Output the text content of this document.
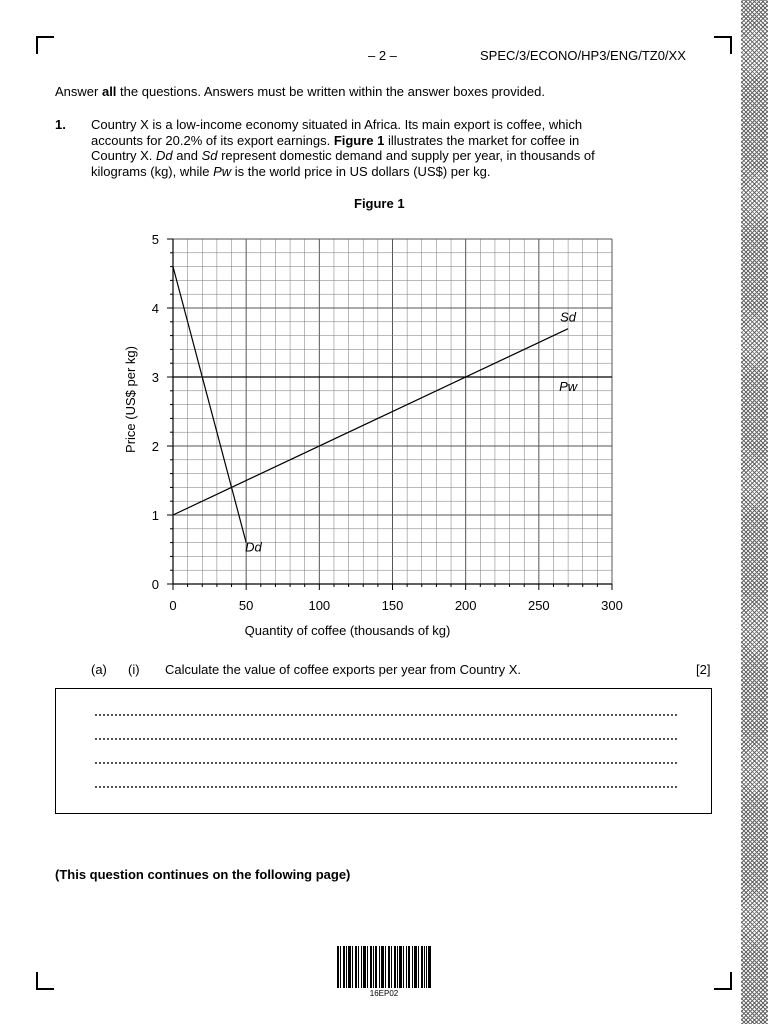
– 2 –	SPEC/3/ECONO/HP3/ENG/TZ0/XX
Answer all the questions. Answers must be written within the answer boxes provided.
1. Country X is a low-income economy situated in Africa. Its main export is coffee, which
accounts for 20.2% of its export earnings. Figure 1 illustrates the market for coffee in
Country X. Dd and Sd represent domestic demand and supply per year, in thousands of
kilograms (kg), while Pw is the world price in US dollars (US$) per kg.
Figure 1
0	50	100	150	200	250	300
0
1
2
3
4
5
Quantity of coffee (thousands of kg)
Price (US$ per kg)
Dd
Sd
Pw
(a) (i) Calculate the value of coffee exports per year from Country X.	[2]
(This question continues on the following page)
16EP02
